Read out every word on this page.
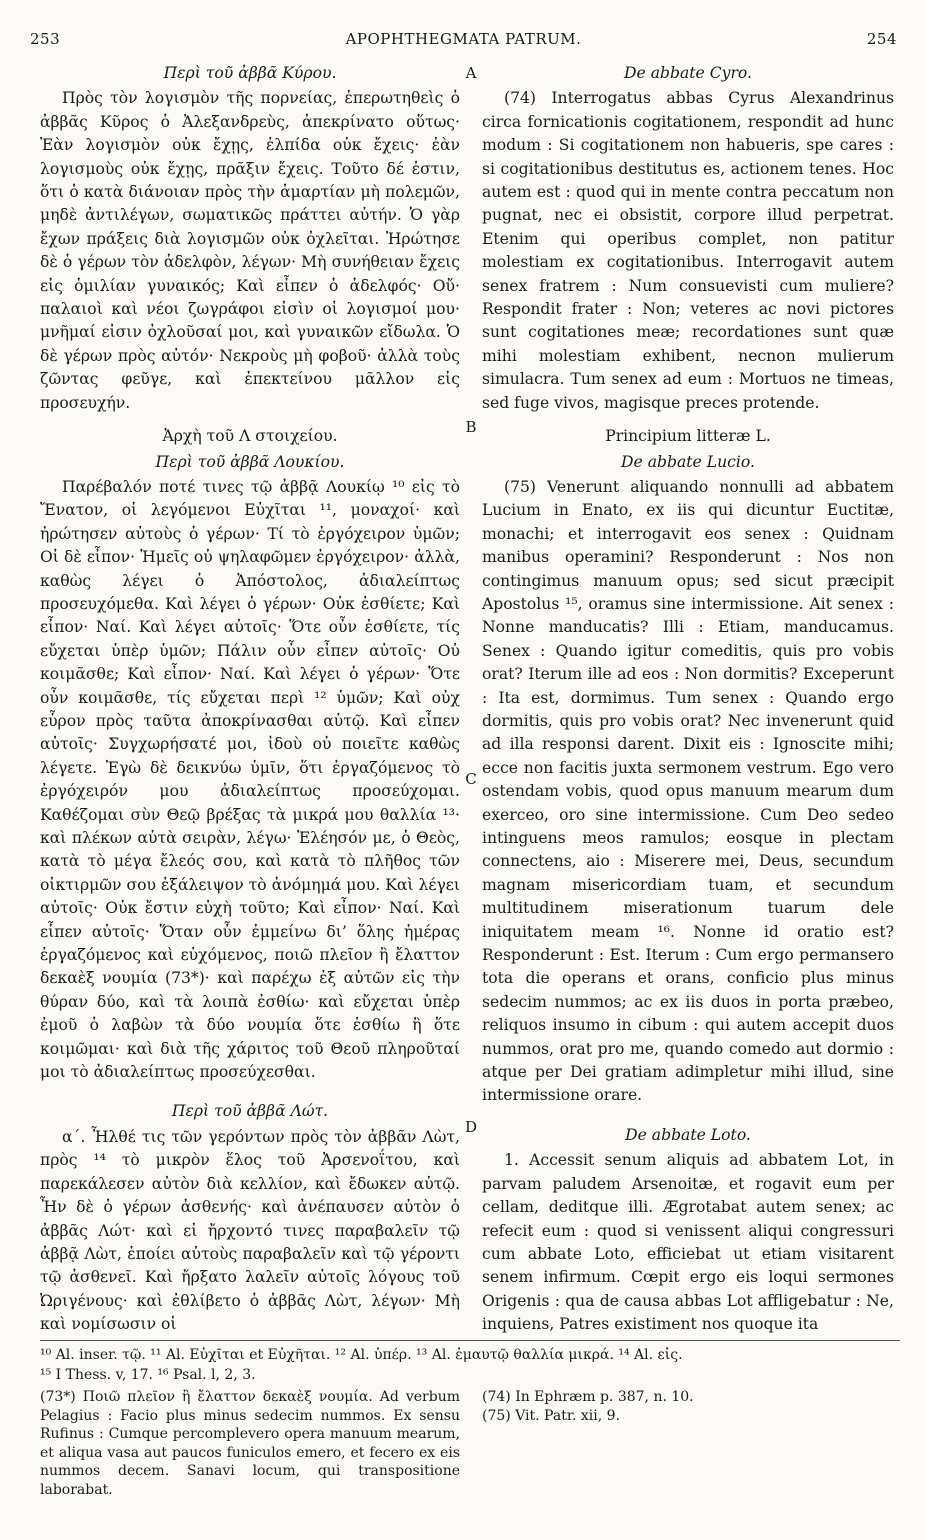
253	APOPHTHEGMATA PATRUM.	254
Περὶ τοῦ ἀββᾶ Κύρου.

Πρὸς τὸν λογισμὸν τῆς πορνείας, ἐπερωτηθεὶς ὁ ἀββᾶς Κῦρος ὁ Ἀλεξανδρεὺς, ἀπεκρίνατο οὕτως· Ἐὰν λογισμὸν οὐκ ἔχῃς, ἐλπίδα οὐκ ἔχεις· ἐὰν λογισμοὺς οὐκ ἔχῃς, πρᾶξιν ἔχεις. Τοῦτο δέ ἐστιν, ὅτι ὁ κατὰ διάνοιαν πρὸς τὴν ἁμαρτίαν μὴ πολεμῶν, μηδὲ ἀντιλέγων, σωματικῶς πράττει αὐτήν. Ὁ γὰρ ἔχων πράξεις διὰ λογισμῶν οὐκ ὀχλεῖται. Ἠρώτησε δὲ ὁ γέρων τὸν ἀδελφὸν, λέγων· Μὴ συνήθειαν ἔχεις εἰς ὁμιλίαν γυναικός; Καὶ εἶπεν ὁ ἀδελφός· Οὔ· παλαιοὶ καὶ νέοι ζωγράφοι εἰσὶν οἱ λογισμοί μου· μνῆμαί εἰσιν ὀχλοῦσαί μοι, καὶ γυναικῶν εἴδωλα. Ὁ δὲ γέρων πρὸς αὐτόν· Νεκροὺς μὴ φοβοῦ· ἀλλὰ τοὺς ζῶντας φεῦγε, καὶ ἐπεκτείνου μᾶλλον εἰς προσευχήν.

Ἀρχὴ τοῦ Λ στοιχείου.
Περὶ τοῦ ἀββᾶ Λουκίου.

Παρέβαλόν ποτέ τινες τῷ ἀββᾷ Λουκίῳ ¹⁰ εἰς τὸ Ἔνατον, οἱ λεγόμενοι Εὐχῖται ¹¹, μοναχοί· καὶ ἠρώτησεν αὐτοὺς ὁ γέρων· Τί τὸ ἐργόχειρον ὑμῶν; Οἱ δὲ εἶπον· Ἡμεῖς οὐ ψηλαφῶμεν ἐργόχειρον· ἀλλὰ, καθὼς λέγει ὁ Ἀπόστολος, ἀδιαλείπτως προσευχόμεθα. Καὶ λέγει ὁ γέρων· Οὐκ ἐσθίετε; Καὶ εἶπον· Ναί. Καὶ λέγει αὐτοῖς· Ὅτε οὖν ἐσθίετε, τίς εὔχεται ὑπὲρ ὑμῶν; Πάλιν οὖν εἶπεν αὐτοῖς· Οὐ κοιμᾶσθε; Καὶ εἶπον· Ναί. Καὶ λέγει ὁ γέρων· Ὅτε οὖν κοιμᾶσθε, τίς εὔχεται περὶ ¹² ὑμῶν; Καὶ οὐχ εὗρον πρὸς ταῦτα ἀποκρίνασθαι αὐτῷ. Καὶ εἶπεν αὐτοῖς· Συγχωρήσατέ μοι, ἰδοὺ οὐ ποιεῖτε καθὼς λέγετε. Ἐγὼ δὲ δεικνύω ὑμῖν, ὅτι ἐργαζόμενος τὸ ἐργόχειρόν μου ἀδιαλείπτως προσεύχομαι. Καθέζομαι σὺν Θεῷ βρέξας τὰ μικρά μου θαλλία ¹³· καὶ πλέκων αὐτὰ σειρὰν, λέγω· Ἐλέησόν με, ὁ Θεὸς, κατὰ τὸ μέγα ἔλεός σου, καὶ κατὰ τὸ πλῆθος τῶν οἰκτιρμῶν σου ἐξάλειψον τὸ ἀνόμημά μου. Καὶ λέγει αὐτοῖς· Οὐκ ἔστιν εὐχὴ τοῦτο; Καὶ εἶπον· Ναί. Καὶ εἶπεν αὐτοῖς· Ὅταν οὖν ἐμμείνω δι’ ὅλης ἡμέρας ἐργαζόμενος καὶ εὐχόμενος, ποιῶ πλεῖον ἢ ἔλαττον δεκαὲξ νουμία (73*)· καὶ παρέχω ἐξ αὐτῶν εἰς τὴν θύραν δύο, καὶ τὰ λοιπὰ ἐσθίω· καὶ εὔχεται ὑπὲρ ἐμοῦ ὁ λαβὼν τὰ δύο νουμία ὅτε ἐσθίω ἢ ὅτε κοιμῶμαι· καὶ διὰ τῆς χάριτος τοῦ Θεοῦ πληροῦταί μοι τὸ ἀδιαλείπτως προσεύχεσθαι.

Περὶ τοῦ ἀββᾶ Λώτ.

α΄. Ἦλθέ τις τῶν γερόντων πρὸς τὸν ἀββᾶν Λὼτ, πρὸς ¹⁴ τὸ μικρὸν ἕλος τοῦ Ἀρσενοΐτου, καὶ παρεκάλεσεν αὐτὸν διὰ κελλίον, καὶ ἔδωκεν αὐτῷ. Ἦν δὲ ὁ γέρων ἀσθενής· καὶ ἀνέπαυσεν αὐτὸν ὁ ἀββᾶς Λώτ· καὶ εἰ ἤρχοντό τινες παραβαλεῖν τῷ ἀββᾷ Λὼτ, ἐποίει αὐτοὺς παραβαλεῖν καὶ τῷ γέροντι τῷ ἀσθενεῖ. Καὶ ἤρξατο λαλεῖν αὐτοῖς λόγους τοῦ Ὠριγένους· καὶ ἐθλίβετο ὁ ἀββᾶς Λὼτ, λέγων· Μὴ καὶ νομίσωσιν οἱ

A
B
C
D
De abbate Cyro.

(74) Interrogatus abbas Cyrus Alexandrinus circa fornicationis cogitationem, respondit ad hunc modum : Si cogitationem non habueris, spe cares : si cogitationibus destitutus es, actionem tenes. Hoc autem est : quod qui in mente contra peccatum non pugnat, nec ei obsistit, corpore illud perpetrat. Etenim qui operibus complet, non patitur molestiam ex cogitationibus. Interrogavit autem senex fratrem : Num consuevisti cum muliere? Respondit frater : Non; veteres ac novi pictores sunt cogitationes meæ; recordationes sunt quæ mihi molestiam exhibent, necnon mulierum simulacra. Tum senex ad eum : Mortuos ne timeas, sed fuge vivos, magisque preces protende.

Principium litteræ L.
De abbate Lucio.

(75) Venerunt aliquando nonnulli ad abbatem Lucium in Enato, ex iis qui dicuntur Euctitæ, monachi; et interrogavit eos senex : Quidnam manibus operamini? Responderunt : Nos non contingimus manuum opus; sed sicut præcipit Apostolus ¹⁵, oramus sine intermissione. Ait senex : Nonne manducatis? Illi : Etiam, manducamus. Senex : Quando igitur comeditis, quis pro vobis orat? Iterum ille ad eos : Non dormitis? Exceperunt : Ita est, dormimus. Tum senex : Quando ergo dormitis, quis pro vobis orat? Nec invenerunt quid ad illa responsi darent. Dixit eis : Ignoscite mihi; ecce non facitis juxta sermonem vestrum. Ego vero ostendam vobis, quod opus manuum mearum dum exerceo, oro sine intermissione. Cum Deo sedeo intinguens meos ramulos; eosque in plectam connectens, aio : Miserere mei, Deus, secundum magnam misericordiam tuam, et secundum multitudinem miserationum tuarum dele iniquitatem meam ¹⁶. Nonne id oratio est? Responderunt : Est. Iterum : Cum ergo permansero tota die operans et orans, conficio plus minus sedecim nummos; ac ex iis duos in porta præbeo, reliquos insumo in cibum : qui autem accepit duos nummos, orat pro me, quando comedo aut dormio : atque per Dei gratiam adimpletur mihi illud, sine intermissione orare.

De abbate Loto.

1. Accessit senum aliquis ad abbatem Lot, in parvam paludem Arsenoitæ, et rogavit eum per cellam, deditque illi. Ægrotabat autem senex; ac refecit eum : quod si venissent aliqui congressuri cum abbate Loto, efficiebat ut etiam visitarent senem infirmum. Cœpit ergo eis loqui sermones Origenis : qua de causa abbas Lot affligebatur : Ne, inquiens, Patres existiment nos quoque ita

¹⁰ Al. inser. τῷ. ¹¹ Al. Εὐχῖται et Εὐχῆται. ¹² Al. ὑπέρ. ¹³ Al. ἐμαυτῷ θαλλία μικρά. ¹⁴ Al. εἰς.
¹⁵ I Thess. v, 17. ¹⁶ Psal. l, 2, 3.

(73*) Ποιῶ πλεῖον ἢ ἔλαττον δεκαὲξ νουμία. Ad verbum Pelagius : Facio plus minus sedecim nummos. Ex sensu Rufinus : Cumque percomplevero opera manuum mearum, et aliqua vasa aut paucos funiculos emero, et fecero ex eis nummos decem. Sanavi locum, qui transpositione laborabat.

(74) In Ephræm p. 387, n. 10.

(75) Vit. Patr. xii, 9.
